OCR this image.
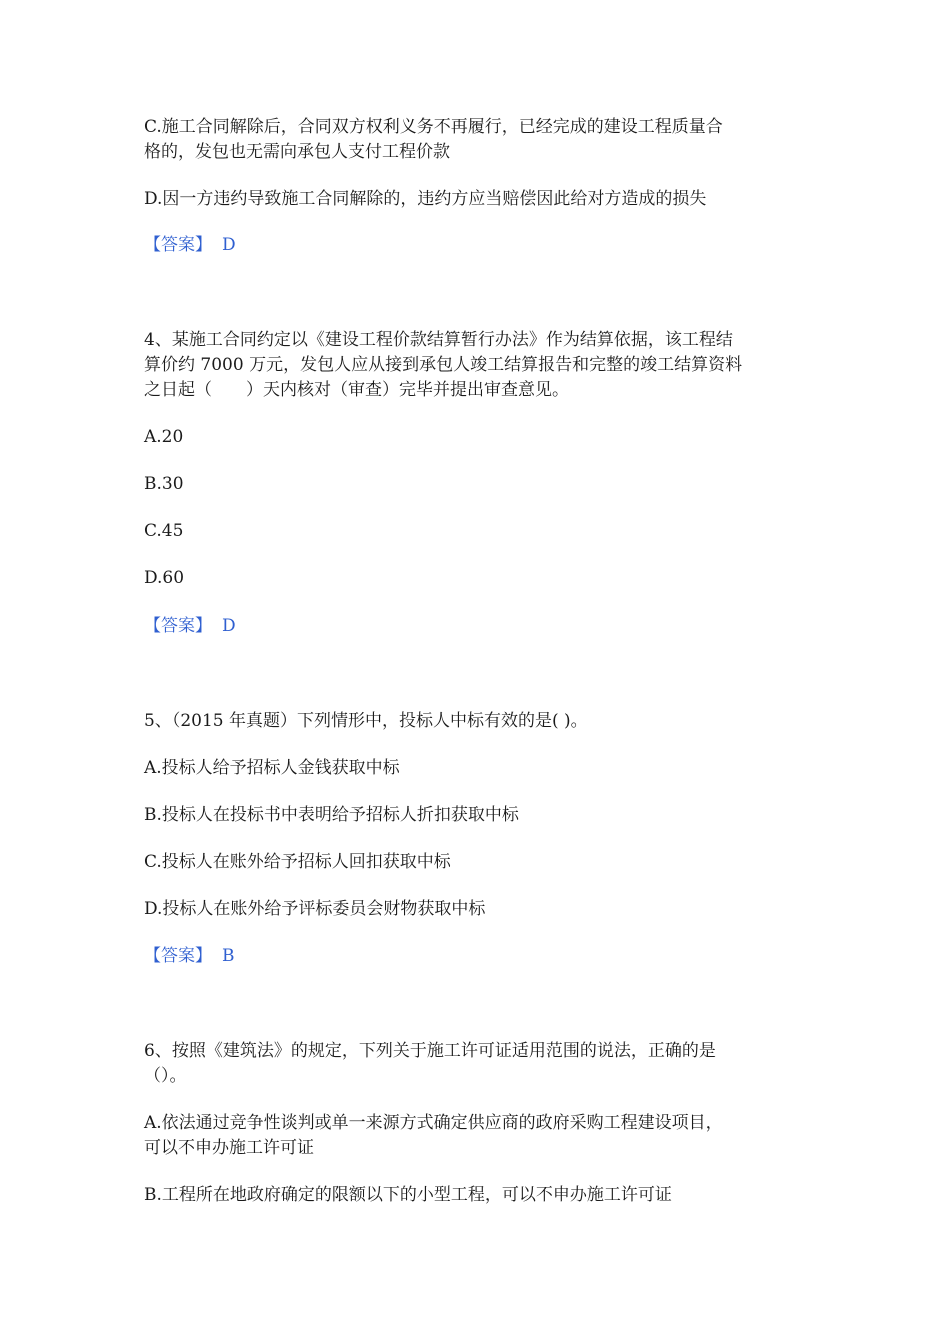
C.施工合同解除后，合同双方权利义务不再履行，已经完成的建设工程质量合
格的，发包也无需向承包人支付工程价款
D.因一方违约导致施工合同解除的，违约方应当赔偿因此给对方造成的损失
【答案】 D
4、某施工合同约定以《建设工程价款结算暂行办法》作为结算依据，该工程结
算价约 7000 万元，发包人应从接到承包人竣工结算报告和完整的竣工结算资料
之日起（　　）天内核对（审查）完毕并提出审查意见。
A.20
B.30
C.45
D.60
【答案】 D
5、（2015 年真题）下列情形中，投标人中标有效的是( )。
A.投标人给予招标人金钱获取中标
B.投标人在投标书中表明给予招标人折扣获取中标
C.投标人在账外给予招标人回扣获取中标
D.投标人在账外给予评标委员会财物获取中标
【答案】 B
6、按照《建筑法》的规定，下列关于施工许可证适用范围的说法，正确的是
（）。
A.依法通过竞争性谈判或单一来源方式确定供应商的政府采购工程建设项目，
可以不申办施工许可证
B.工程所在地政府确定的限额以下的小型工程，可以不申办施工许可证
